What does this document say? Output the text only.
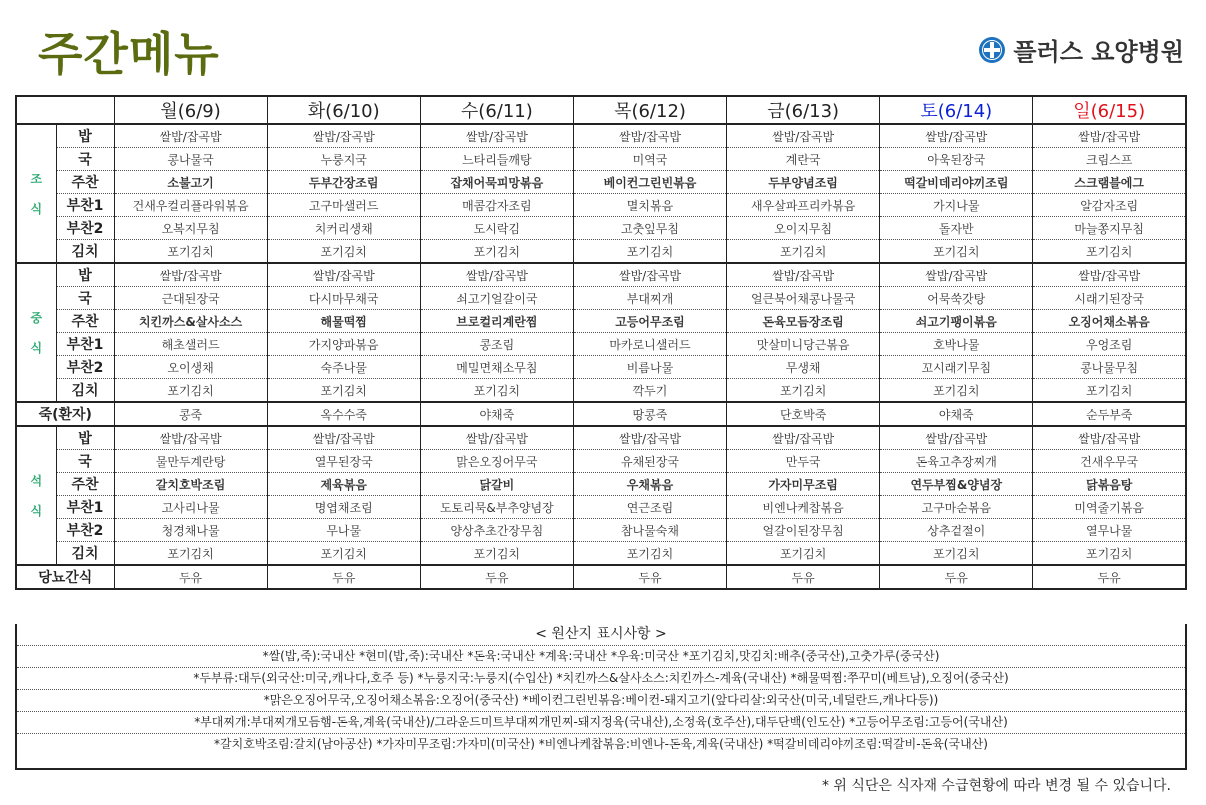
주간메뉴	플러스 요양병원
		월(6/9)	화(6/10)	수(6/11)	목(6/12)	금(6/13)	토(6/14)	일(6/15)

조
식	밥	쌀밥/잡곡밥	쌀밥/잡곡밥	쌀밥/잡곡밥	쌀밥/잡곡밥	쌀밥/잡곡밥	쌀밥/잡곡밥	쌀밥/잡곡밥
	국	콩나물국	누룽지국	느타리들깨탕	미역국	계란국	아욱된장국	크림스프
	주찬	소불고기	두부간장조림	잡채어묵피망볶음	베이컨그린빈볶음	두부양념조림	떡갈비데리야끼조림	스크램블에그
	부찬1	건새우컬리플라워볶음	고구마샐러드	매콤감자조림	멸치볶음	새우살파프리카볶음	가지나물	알감자조림
	부찬2	오복지무침	치커리생채	도시락김	고춧잎무침	오이지무침	돌자반	마늘쫑지무침
	김치	포기김치	포기김치	포기김치	포기김치	포기김치	포기김치	포기김치

중
식	밥	쌀밥/잡곡밥	쌀밥/잡곡밥	쌀밥/잡곡밥	쌀밥/잡곡밥	쌀밥/잡곡밥	쌀밥/잡곡밥	쌀밥/잡곡밥
	국	근대된장국	다시마무채국	쇠고기얼갈이국	부대찌개	얼큰북어채콩나물국	어묵쑥갓탕	시래기된장국
	주찬	치킨까스&살사소스	해물떡찜	브로컬리계란찜	고등어무조림	돈육모듬장조림	쇠고기팽이볶음	오징어채소볶음
	부찬1	해초샐러드	가지양파볶음	콩조림	마카로니샐러드	맛살미니당근볶음	호박나물	우엉조림
	부찬2	오이생채	숙주나물	메밀면채소무침	비름나물	무생채	꼬시래기무침	콩나물무침
	김치	포기김치	포기김치	포기김치	깍두기	포기김치	포기김치	포기김치
죽(환자)		콩죽	옥수수죽	야채죽	땅콩죽	단호박죽	야채죽	순두부죽

석
식	밥	쌀밥/잡곡밥	쌀밥/잡곡밥	쌀밥/잡곡밥	쌀밥/잡곡밥	쌀밥/잡곡밥	쌀밥/잡곡밥	쌀밥/잡곡밥
	국	물만두계란탕	열무된장국	맑은오징어무국	유채된장국	만두국	돈육고추장찌개	건새우무국
	주찬	갈치호박조림	제육볶음	닭갈비	우채볶음	가자미무조림	연두부찜&양념장	닭볶음탕
	부찬1	고사리나물	명엽채조림	도토리묵&부추양념장	연근조림	비엔나케찹볶음	고구마순볶음	미역줄기볶음
	부찬2	청경채나물	무나물	양상추초간장무침	참나물숙채	얼갈이된장무침	상추겉절이	열무나물
	김치	포기김치	포기김치	포기김치	포기김치	포기김치	포기김치	포기김치
당뇨간식		두유	두유	두유	두유	두유	두유	두유
< 원산지 표시사항 >
*쌀(밥,죽):국내산 *현미(밥,죽):국내산 *돈육:국내산 *계육:국내산 *우육:미국산 *포기김치,맛김치:배추(중국산),고춧가루(중국산)
*두부류:대두(외국산:미국,캐나다,호주 등) *누룽지국:누룽지(수입산) *치킨까스&살사소스:치킨까스-계육(국내산) *해물떡찜:쭈꾸미(베트남),오징어(중국산)
*맑은오징어무국,오징어채소볶음:오징어(중국산) *베이컨그린빈볶음:베이컨-돼지고기(앞다리살:외국산(미국,네덜란드,캐나다등))
*부대찌개:부대찌개모듬햄-돈육,계육(국내산)/그라운드미트부대찌개민찌-돼지정육(국내산),소정육(호주산),대두단백(인도산) *고등어무조림:고등어(국내산)
*갈치호박조림:갈치(남아공산) *가자미무조림:가자미(미국산) *비엔나케찹볶음:비엔나-돈육,계육(국내산) *떡갈비데리야끼조림:떡갈비-돈육(국내산)
* 위 식단은 식자재 수급현황에 따라 변경 될 수 있습니다.
